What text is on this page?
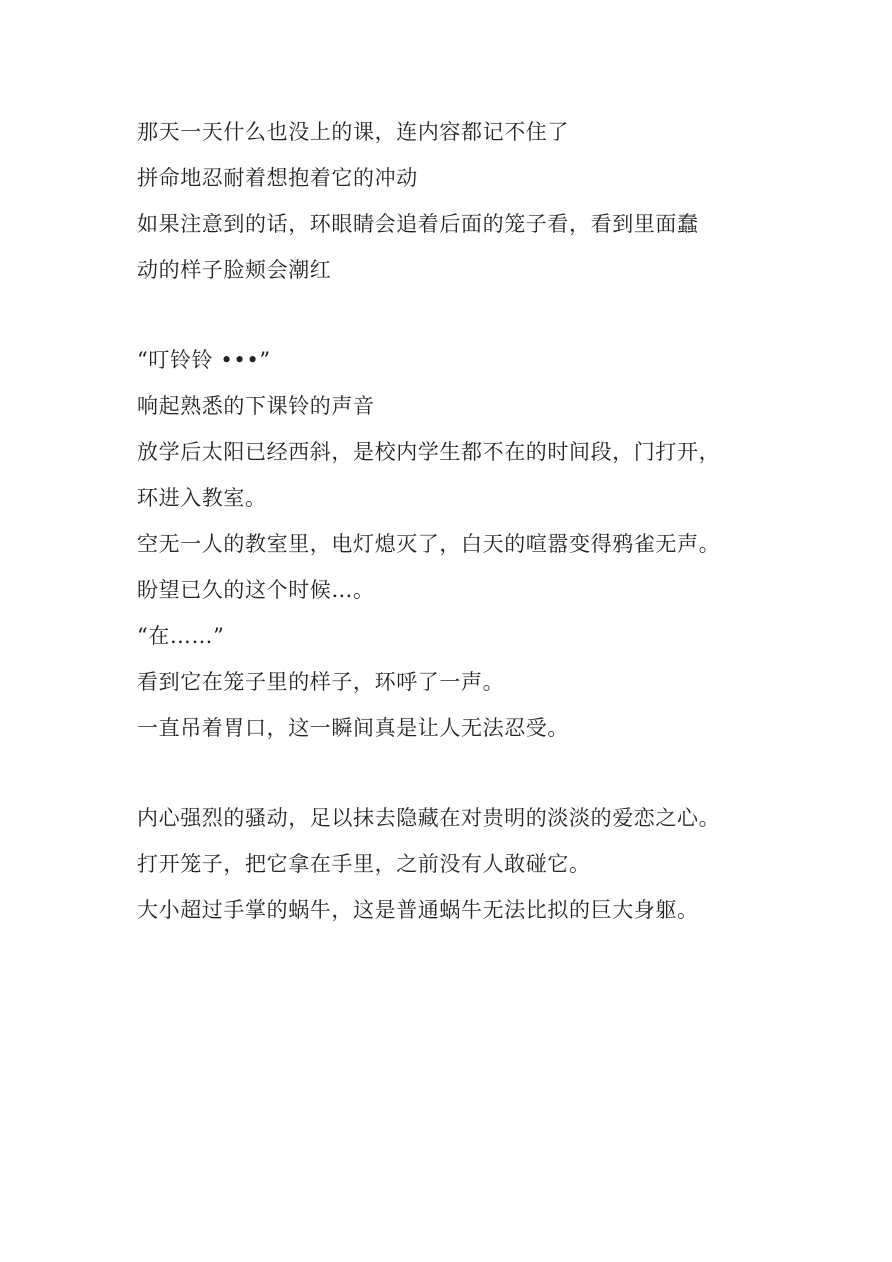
那天一天什么也没上的课，连内容都记不住了
拼命地忍耐着想抱着它的冲动
如果注意到的话，环眼睛会追着后面的笼子看，看到里面蠢
动的样子脸颊会潮红
“叮铃铃 •••”
响起熟悉的下课铃的声音
放学后太阳已经西斜，是校内学生都不在的时间段，门打开，
环进入教室。
空无一人的教室里，电灯熄灭了，白天的喧嚣变得鸦雀无声。
盼望已久的这个时候…。
“在……”
看到它在笼子里的样子，环呼了一声。
一直吊着胃口，这一瞬间真是让人无法忍受。
内心强烈的骚动，足以抹去隐藏在对贵明的淡淡的爱恋之心。
打开笼子，把它拿在手里，之前没有人敢碰它。
大小超过手掌的蜗牛，这是普通蜗牛无法比拟的巨大身躯。
